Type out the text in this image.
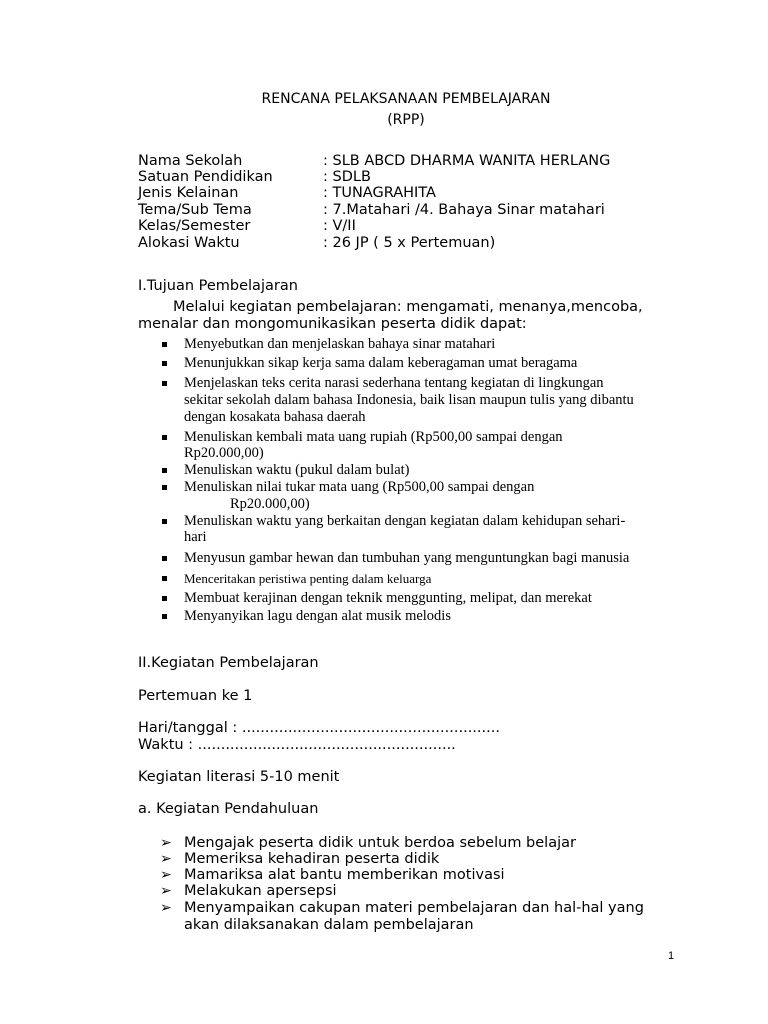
RENCANA PELAKSANAAN PEMBELAJARAN
(RPP)
Nama Sekolah	: SLB ABCD DHARMA WANITA HERLANG
Satuan Pendidikan	: SDLB
Jenis Kelainan	: TUNAGRAHITA
Tema/Sub Tema	: 7.Matahari /4. Bahaya Sinar matahari
Kelas/Semester	: V/II
Alokasi Waktu	: 26 JP ( 5 x Pertemuan)
I.Tujuan Pembelajaran
Melalui kegiatan pembelajaran: mengamati, menanya,mencoba,
menalar dan mongomunikasikan peserta didik dapat:
Menyebutkan dan menjelaskan bahaya sinar matahari
Menunjukkan sikap kerja sama dalam keberagaman umat beragama
Menjelaskan teks cerita narasi sederhana tentang kegiatan di lingkungan
sekitar sekolah dalam bahasa Indonesia, baik lisan maupun tulis yang dibantu
dengan kosakata bahasa daerah
Menuliskan kembali mata uang rupiah (Rp500,00 sampai dengan
Rp20.000,00)
Menuliskan waktu (pukul dalam bulat)
Menuliskan nilai tukar mata uang (Rp500,00 sampai dengan
Rp20.000,00)
Menuliskan waktu yang berkaitan dengan kegiatan dalam kehidupan sehari-
hari
Menyusun gambar hewan dan tumbuhan yang menguntungkan bagi manusia
Menceritakan peristiwa penting dalam keluarga
Membuat kerajinan dengan teknik menggunting, melipat, dan merekat
Menyanyikan lagu dengan alat musik melodis
II.Kegiatan Pembelajaran
Pertemuan ke 1
Hari/tanggal : ........................................................
Waktu : ........................................................
Kegiatan literasi 5-10 menit
a. Kegiatan Pendahuluan
➢ Mengajak peserta didik untuk berdoa sebelum belajar
➢ Memeriksa kehadiran peserta didik
➢ Mamariksa alat bantu memberikan motivasi
➢ Melakukan apersepsi
➢ Menyampaikan cakupan materi pembelajaran dan hal-hal yang
akan dilaksanakan dalam pembelajaran
1
